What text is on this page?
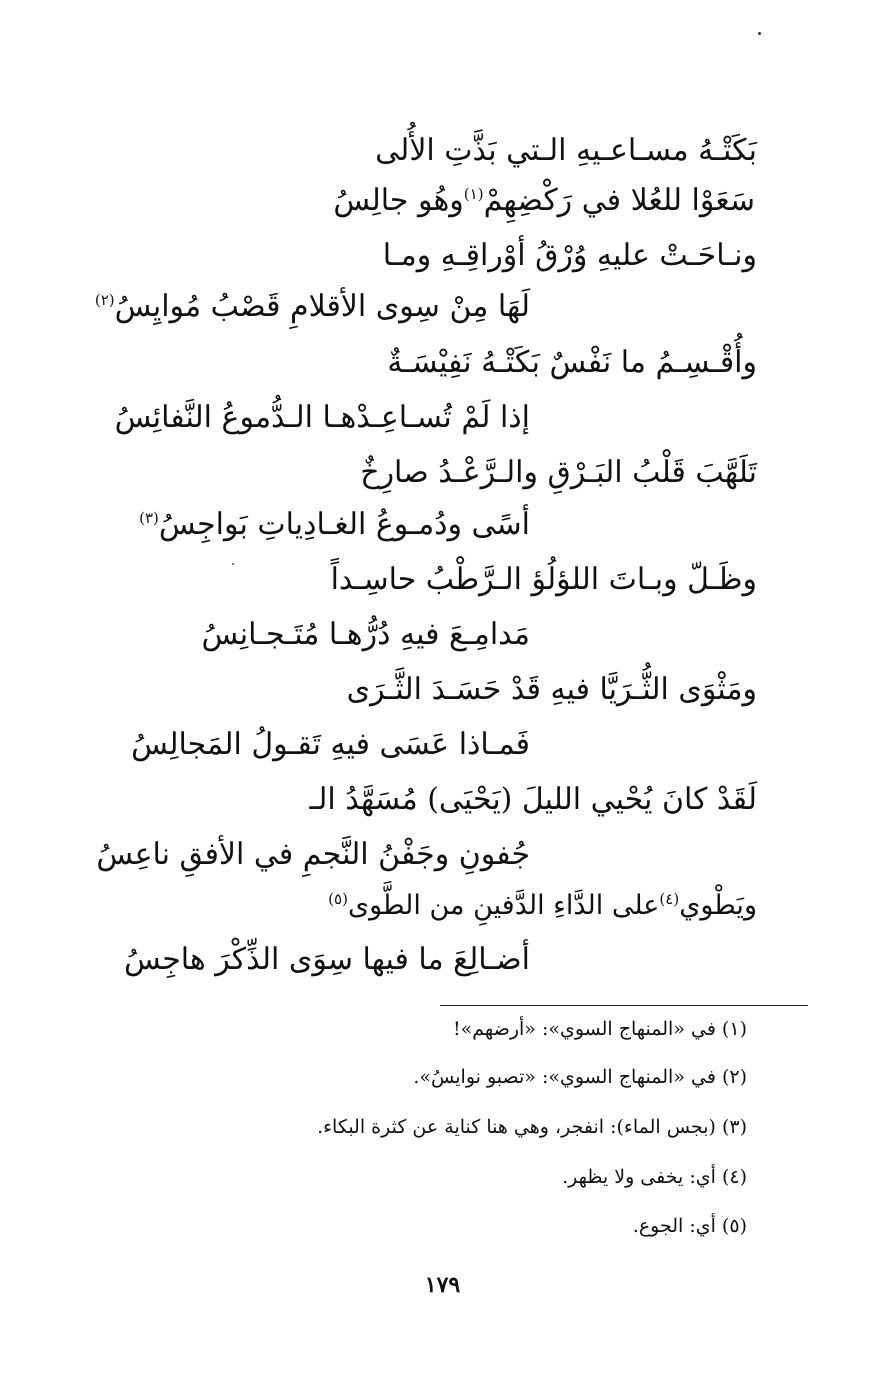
بَكَتْـهُ مسـاعـيهِ الـتي بَذَّتِ الأُلى
سَعَوْا للعُلا في رَكْضِهِمْ$^{(١)}$وهُو جالِسُ
ونـاحَـتْ عليهِ وُرْقُ أوْراقِـهِ ومـا
لَهَا مِنْ سِوى الأقلامِ قَصْبُ مُوايِسُ$^{(٢)}$
وأُقْـسِـمُ ما نَفْسٌ بَكَتْـهُ نَفِيْسَـةٌ
إذا لَمْ تُسـاعِـدْهـا الـدُّموعُ النَّفائِسُ
تَلَهَّبَ قَلْبُ البَـرْقِ والـرَّعْـدُ صارِخٌ
أسًى ودُمـوعُ الغـادِياتِ بَواجِسُ$^{(٣)}$
وظَـلّ وبـاتَ اللؤلُؤ الـرَّطْبُ حاسِـداً
مَدامِـعَ فيهِ دُرُّهـا مُتَـجـانِسُ
ومَثْوَى الثُّـرَيَّا فيهِ قَدْ حَسَـدَ الثَّـرَى
فَمـاذا عَسَى فيهِ تَقـولُ المَجالِسُ
لَقَدْ كانَ يُحْيي الليلَ (يَحْيَى) مُسَهَّدُ الـ
جُفونِ وجَفْنُ النَّجمِ في الأفقِ ناعِسُ
ويَطْوي$^{(٤)}$على الدَّاءِ الدَّفينِ من الطَّوى$^{(٥)}$
أضـالِعَ ما فيها سِوَى الذِّكْرَ هاجِسُ
(١) في «المنهاج السوي»: «أرضهم»!
(٢) في «المنهاج السوي»: «تصبو نوايسُ».
(٣) (بجس الماء): انفجر، وهي هنا كناية عن كثرة البكاء.
(٤) أي: يخفى ولا يظهر.
(٥) أي: الجوع.
١٧٩
